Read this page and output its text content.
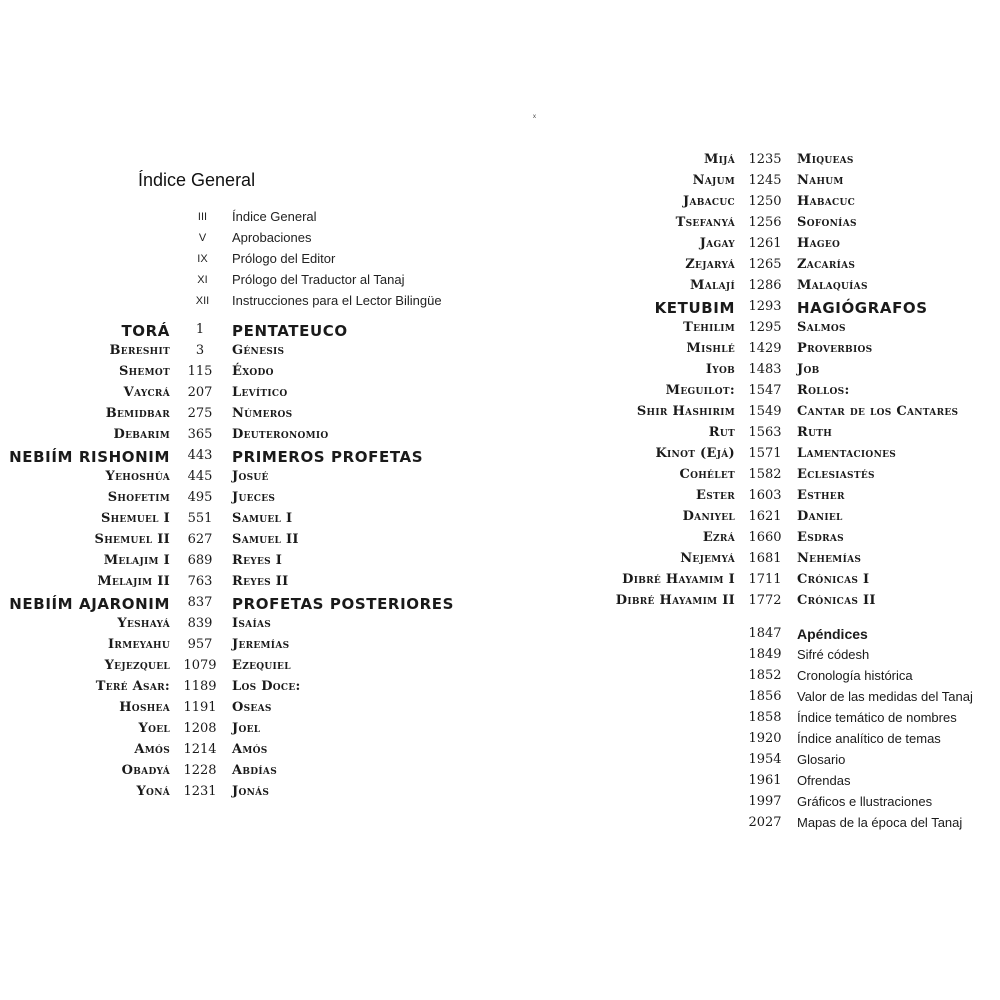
ˣ
Índice General
III	Índice General
V	Aprobaciones
IX	Prólogo del Editor
XI	Prólogo del Traductor al Tanaj
XII	Instrucciones para el Lector Bilingüe
TORÁ	1	PENTATEUCO
Bereshit	3	Génesis
Shemot	115	Éxodo
Vaycrá	207	Levítico
Bemidbar	275	Números
Debarim	365	Deuteronomio
NEBIÍM RISHONIM	443	PRIMEROS PROFETAS
Yehoshúa	445	Josué
Shofetim	495	Jueces
Shemuel I	551	Samuel I
Shemuel II	627	Samuel II
Melajim I	689	Reyes I
Melajim II	763	Reyes II
NEBIÍM AJARONIM	837	PROFETAS POSTERIORES
Yeshayá	839	Isaías
Irmeyahu	957	Jeremías
Yejezquel	1079	Ezequiel
Teré Asar:	1189	Los Doce:
Hoshea	1191	Oseas
Yoel	1208	Joel
Amós	1214	Amós
Obadyá	1228	Abdías
Yoná	1231	Jonás
Mijá	1235	Miqueas
Najum	1245	Nahum
Jabacuc	1250	Habacuc
Tsefanyá	1256	Sofonías
Jagay	1261	Hageo
Zejaryá	1265	Zacarías
Malají	1286	Malaquías
KETUBIM	1293	HAGIÓGRAFOS
Tehilim	1295	Salmos
Mishlé	1429	Proverbios
Iyob	1483	Job
Meguilot:	1547	Rollos:
Shir Hashirim	1549	Cantar de los Cantares
Rut	1563	Ruth
Kinot (Ejá)	1571	Lamentaciones
Cohélet	1582	Eclesiastés
Ester	1603	Esther
Daniyel	1621	Daniel
Ezrá	1660	Esdras
Nejemyá	1681	Nehemías
Dibré Hayamim I	1711	Crónicas I
Dibré Hayamim II	1772	Crónicas II
1847	Apéndices
1849	Sifré códesh
1852	Cronología histórica
1856	Valor de las medidas del Tanaj
1858	Índice temático de nombres
1920	Índice analítico de temas
1954	Glosario
1961	Ofrendas
1997	Gráficos e llustraciones
2027	Mapas de la época del Tanaj
